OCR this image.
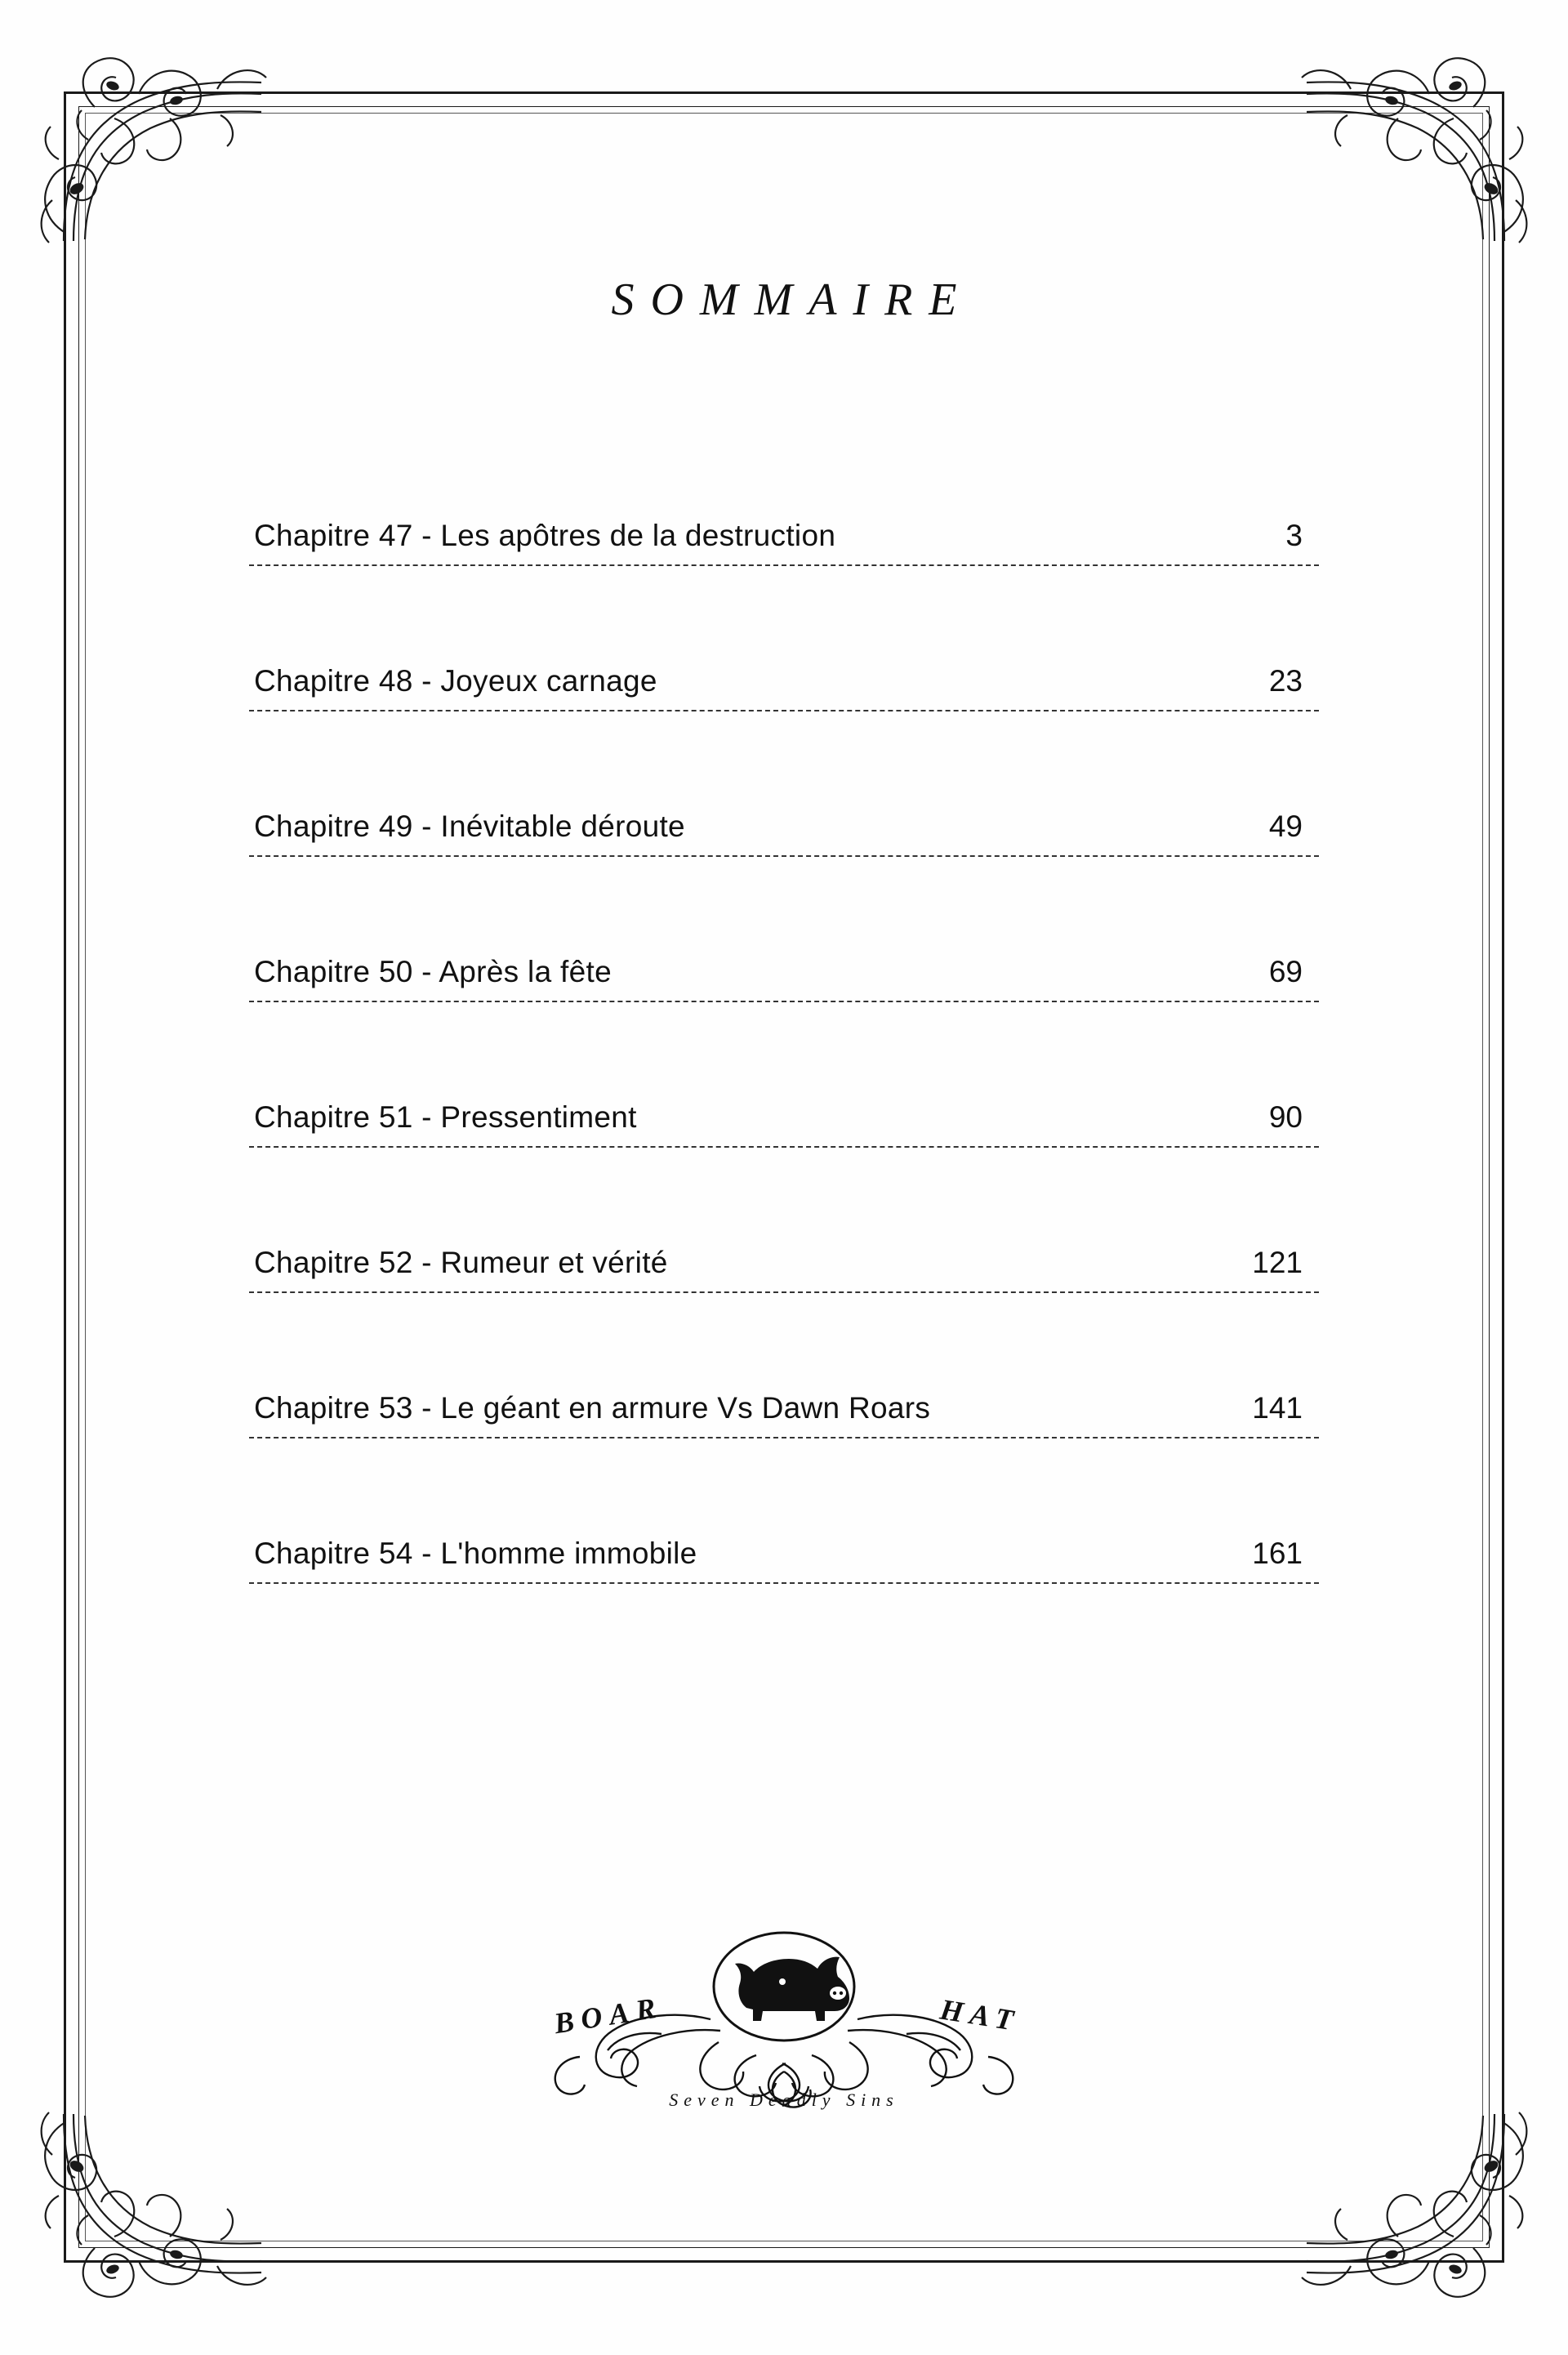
SOMMAIRE
Chapitre 47 - Les apôtres de la destruction	3
Chapitre 48 - Joyeux carnage	23
Chapitre 49 - Inévitable déroute	49
Chapitre 50 - Après la fête	69
Chapitre 51 - Pressentiment	90
Chapitre 52 - Rumeur et vérité	121
Chapitre 53 - Le géant en armure Vs Dawn Roars	141
Chapitre 54 - L'homme immobile	161
BOAR	HAT
Seven Deadly Sins
